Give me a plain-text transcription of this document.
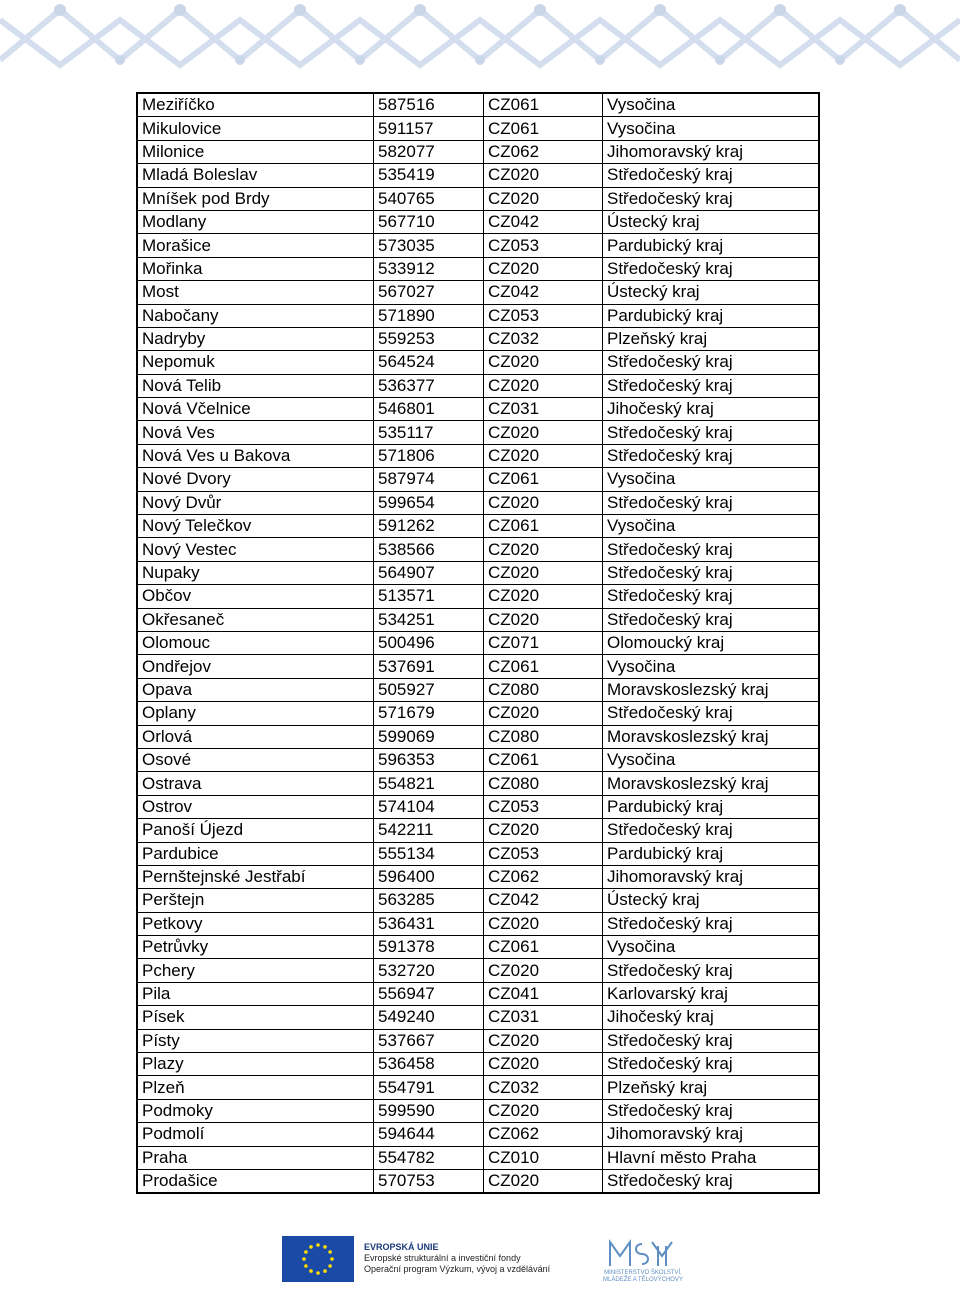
Meziříčko	587516	CZ061	Vysočina
Mikulovice	591157	CZ061	Vysočina
Milonice	582077	CZ062	Jihomoravský kraj
Mladá Boleslav	535419	CZ020	Středočeský kraj
Mníšek pod Brdy	540765	CZ020	Středočeský kraj
Modlany	567710	CZ042	Ústecký kraj
Morašice	573035	CZ053	Pardubický kraj
Mořinka	533912	CZ020	Středočeský kraj
Most	567027	CZ042	Ústecký kraj
Nabočany	571890	CZ053	Pardubický kraj
Nadryby	559253	CZ032	Plzeňský kraj
Nepomuk	564524	CZ020	Středočeský kraj
Nová Telib	536377	CZ020	Středočeský kraj
Nová Včelnice	546801	CZ031	Jihočeský kraj
Nová Ves	535117	CZ020	Středočeský kraj
Nová Ves u Bakova	571806	CZ020	Středočeský kraj
Nové Dvory	587974	CZ061	Vysočina
Nový Dvůr	599654	CZ020	Středočeský kraj
Nový Telečkov	591262	CZ061	Vysočina
Nový Vestec	538566	CZ020	Středočeský kraj
Nupaky	564907	CZ020	Středočeský kraj
Občov	513571	CZ020	Středočeský kraj
Okřesaneč	534251	CZ020	Středočeský kraj
Olomouc	500496	CZ071	Olomoucký kraj
Ondřejov	537691	CZ061	Vysočina
Opava	505927	CZ080	Moravskoslezský kraj
Oplany	571679	CZ020	Středočeský kraj
Orlová	599069	CZ080	Moravskoslezský kraj
Osové	596353	CZ061	Vysočina
Ostrava	554821	CZ080	Moravskoslezský kraj
Ostrov	574104	CZ053	Pardubický kraj
Panoší Újezd	542211	CZ020	Středočeský kraj
Pardubice	555134	CZ053	Pardubický kraj
Pernštejnské Jestřabí	596400	CZ062	Jihomoravský kraj
Perštejn	563285	CZ042	Ústecký kraj
Petkovy	536431	CZ020	Středočeský kraj
Petrůvky	591378	CZ061	Vysočina
Pchery	532720	CZ020	Středočeský kraj
Pila	556947	CZ041	Karlovarský kraj
Písek	549240	CZ031	Jihočeský kraj
Písty	537667	CZ020	Středočeský kraj
Plazy	536458	CZ020	Středočeský kraj
Plzeň	554791	CZ032	Plzeňský kraj
Podmoky	599590	CZ020	Středočeský kraj
Podmolí	594644	CZ062	Jihomoravský kraj
Praha	554782	CZ010	Hlavní město Praha
Prodašice	570753	CZ020	Středočeský kraj
EVROPSKÁ UNIE
Evropské strukturální a investiční fondy
Operační program Výzkum, vývoj a vzdělávání	MINISTERSTVO ŠKOLSTVÍ,
MLÁDEŽE A TĚLOVÝCHOVY
